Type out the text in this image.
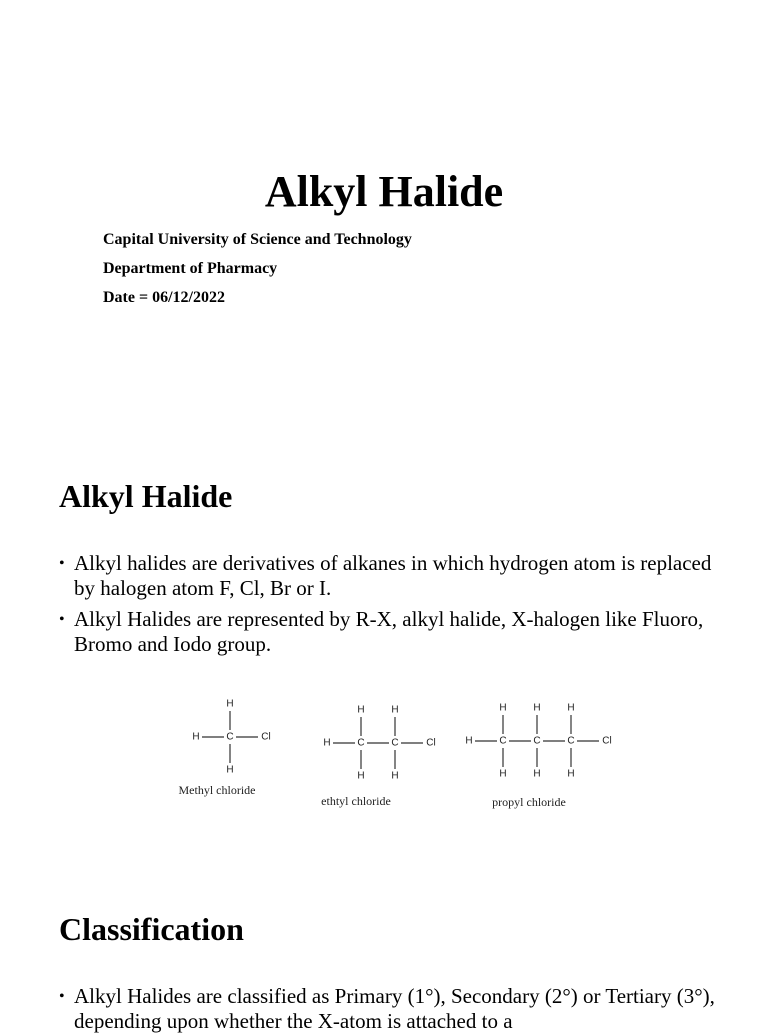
Alkyl Halide
Capital University of Science and Technology
Department of Pharmacy
Date = 06/12/2022
Alkyl Halide
• Alkyl halides are derivatives of alkanes in which hydrogen atom is replaced by halogen atom F, Cl, Br or I.
• Alkyl Halides are represented by R-X, alkyl halide, X-halogen like Fluoro, Bromo and Iodo group.
H	C
H
H
Cl
Methyl chloride
H	C
H
H
C
H
H
Cl
ethtyl chloride
H	C
H
H
C
H
H
C
H
H
Cl
propyl chloride
Classification
• Alkyl Halides are classified as Primary (1°), Secondary (2°) or Tertiary (3°), depending upon whether the X-atom is attached to a
